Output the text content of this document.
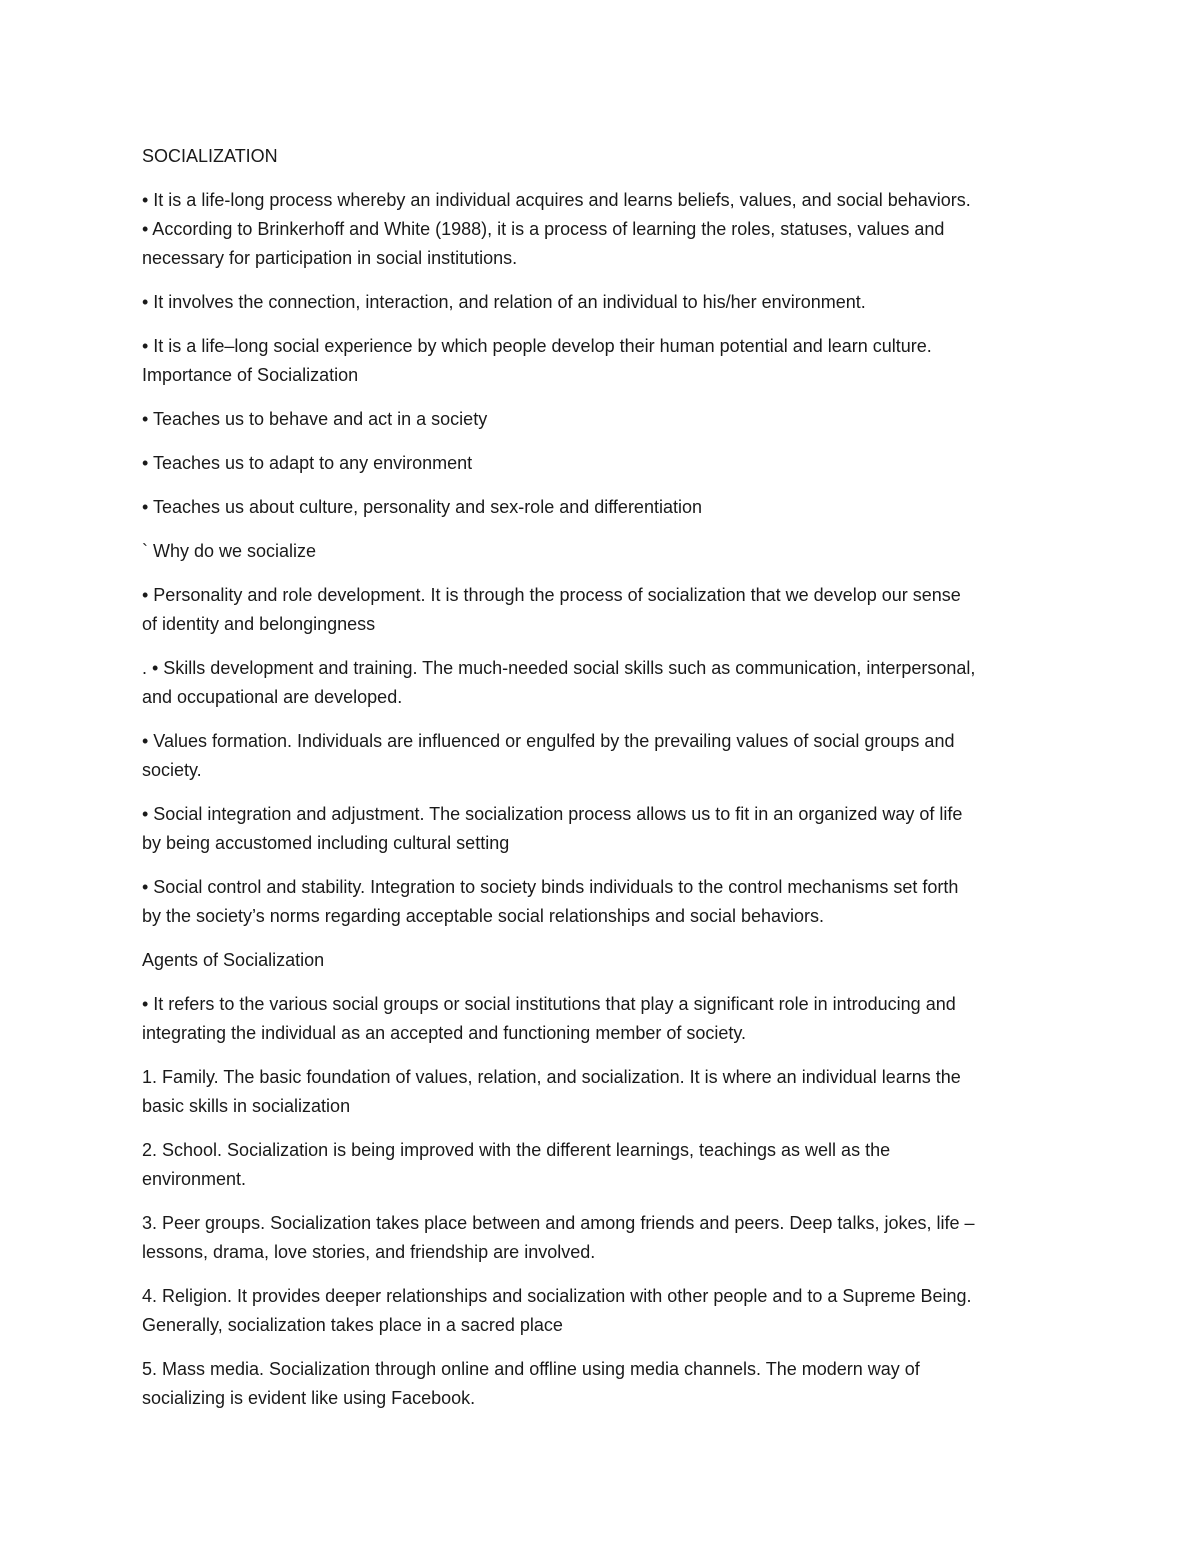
SOCIALIZATION
• It is a life-long process whereby an individual acquires and learns beliefs, values, and social behaviors.
• According to Brinkerhoff and White (1988), it is a process of learning the roles, statuses, values and
necessary for participation in social institutions.
• It involves the connection, interaction, and relation of an individual to his/her environment.
• It is a life–long social experience by which people develop their human potential and learn culture.
Importance of Socialization
• Teaches us to behave and act in a society
• Teaches us to adapt to any environment
• Teaches us about culture, personality and sex-role and differentiation
` Why do we socialize
• Personality and role development. It is through the process of socialization that we develop our sense
of identity and belongingness
. • Skills development and training. The much-needed social skills such as communication, interpersonal,
and occupational are developed.
• Values formation. Individuals are influenced or engulfed by the prevailing values of social groups and
society.
• Social integration and adjustment. The socialization process allows us to fit in an organized way of life
by being accustomed including cultural setting
• Social control and stability. Integration to society binds individuals to the control mechanisms set forth
by the society’s norms regarding acceptable social relationships and social behaviors.
Agents of Socialization
• It refers to the various social groups or social institutions that play a significant role in introducing and
integrating the individual as an accepted and functioning member of society.
1. Family. The basic foundation of values, relation, and socialization. It is where an individual learns the
basic skills in socialization
2. School. Socialization is being improved with the different learnings, teachings as well as the
environment.
3. Peer groups. Socialization takes place between and among friends and peers. Deep talks, jokes, life –
lessons, drama, love stories, and friendship are involved.
4. Religion. It provides deeper relationships and socialization with other people and to a Supreme Being.
Generally, socialization takes place in a sacred place
5. Mass media. Socialization through online and offline using media channels. The modern way of
socializing is evident like using Facebook.
